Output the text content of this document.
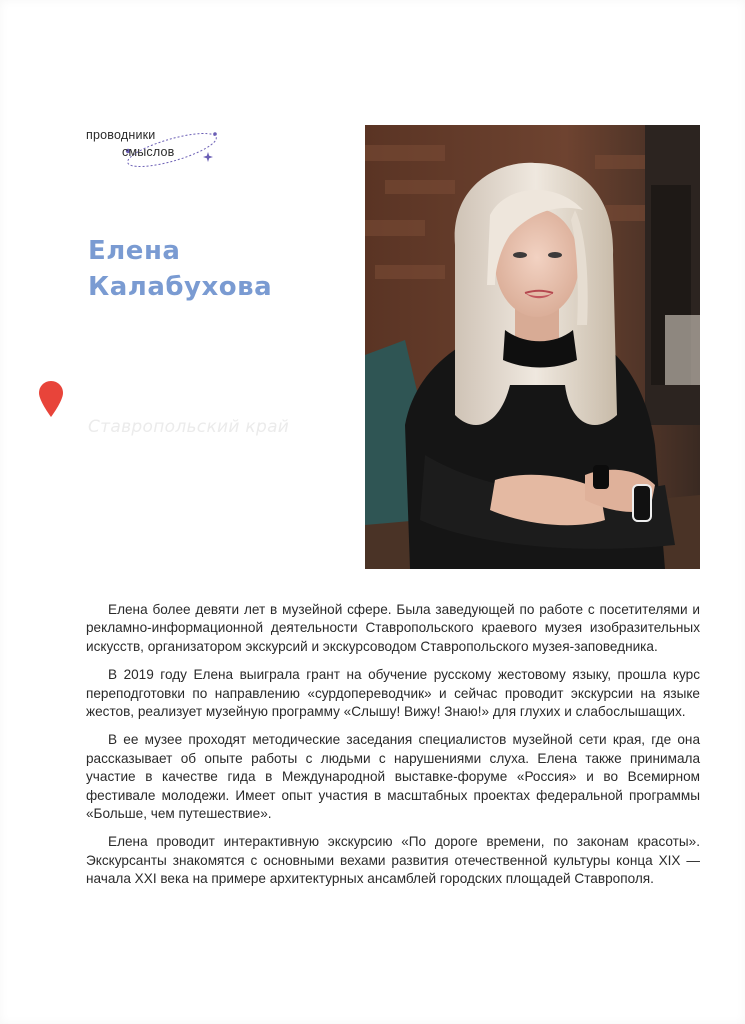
проводники
смыслов
Елена
Калабухова
Ставропольский край

Елена более девяти лет в музейной сфере. Была заведующей по работе с посетителями и рекламно-информационной деятельности Ставропольского краевого музея изобразительных искусств, организатором экскурсий и экскурсоводом Ставропольского музея-заповедника.

В 2019 году Елена выиграла грант на обучение русскому жестовому языку, прошла курс переподготовки по направлению «сурдопереводчик» и сейчас проводит экскурсии на языке жестов, реализует музейную программу «Слышу! Вижу! Знаю!» для глухих и слабослышащих.

В ее музее проходят методические заседания специалистов музейной сети края, где она рассказывает об опыте работы с людьми с нарушениями слуха. Елена также принимала участие в качестве гида в Международной выставке-форуме «Россия» и во Всемирном фестивале молодежи. Имеет опыт участия в масштабных проектах федеральной программы «Больше, чем путешествие».

Елена проводит интерактивную экскурсию «По дороге времени, по законам красоты». Экскурсанты знакомятся с основными вехами развития отечественной культуры конца XIX — начала XXI века на примере архитектурных ансамблей городских площадей Ставрополя.
